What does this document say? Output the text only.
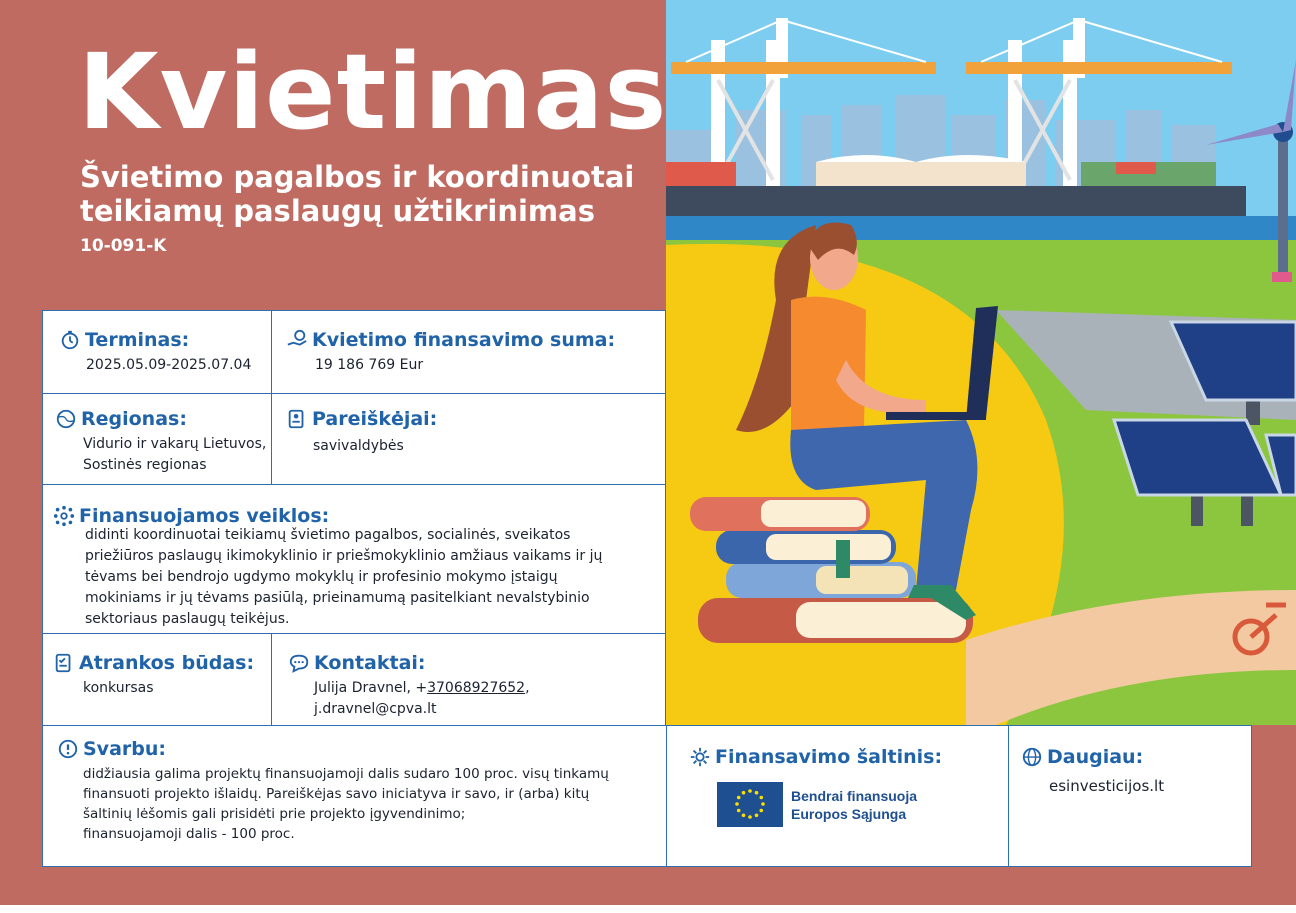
Kvietimas
Švietimo pagalbos ir koordinuotai teikiamų paslaugų užtikrinimas
10-091-K
Terminas:
2025.05.09-2025.07.04
Kvietimo finansavimo suma:
19 186 769 Eur
Regionas:
Vidurio ir vakarų Lietuvos,
Sostinės regionas
Pareiškėjai:
savivaldybės
Finansuojamos veiklos:
didinti koordinuotai teikiamų švietimo pagalbos, socialinės, sveikatos
priežiūros paslaugų ikimokyklinio ir priešmokyklinio amžiaus vaikams ir jų
tėvams bei bendrojo ugdymo mokyklų ir profesinio mokymo įstaigų
mokiniams ir jų tėvams pasiūlą, prieinamumą pasitelkiant nevalstybinio
sektoriaus paslaugų teikėjus.
Atrankos būdas:
konkursas
Kontaktai:
Julija Dravnel, +37068927652,
j.dravnel@cpva.lt
Svarbu:
didžiausia galima projektų finansuojamoji dalis sudaro 100 proc. visų tinkamų
finansuoti projekto išlaidų. Pareiškėjas savo iniciatyva ir savo, ir (arba) kitų
šaltinių lėšomis gali prisidėti prie projekto įgyvendinimo;
finansuojamoji dalis - 100 proc.
Finansavimo šaltinis:
Bendrai finansuoja
Europos Sąjunga
Daugiau:
esinvesticijos.lt
